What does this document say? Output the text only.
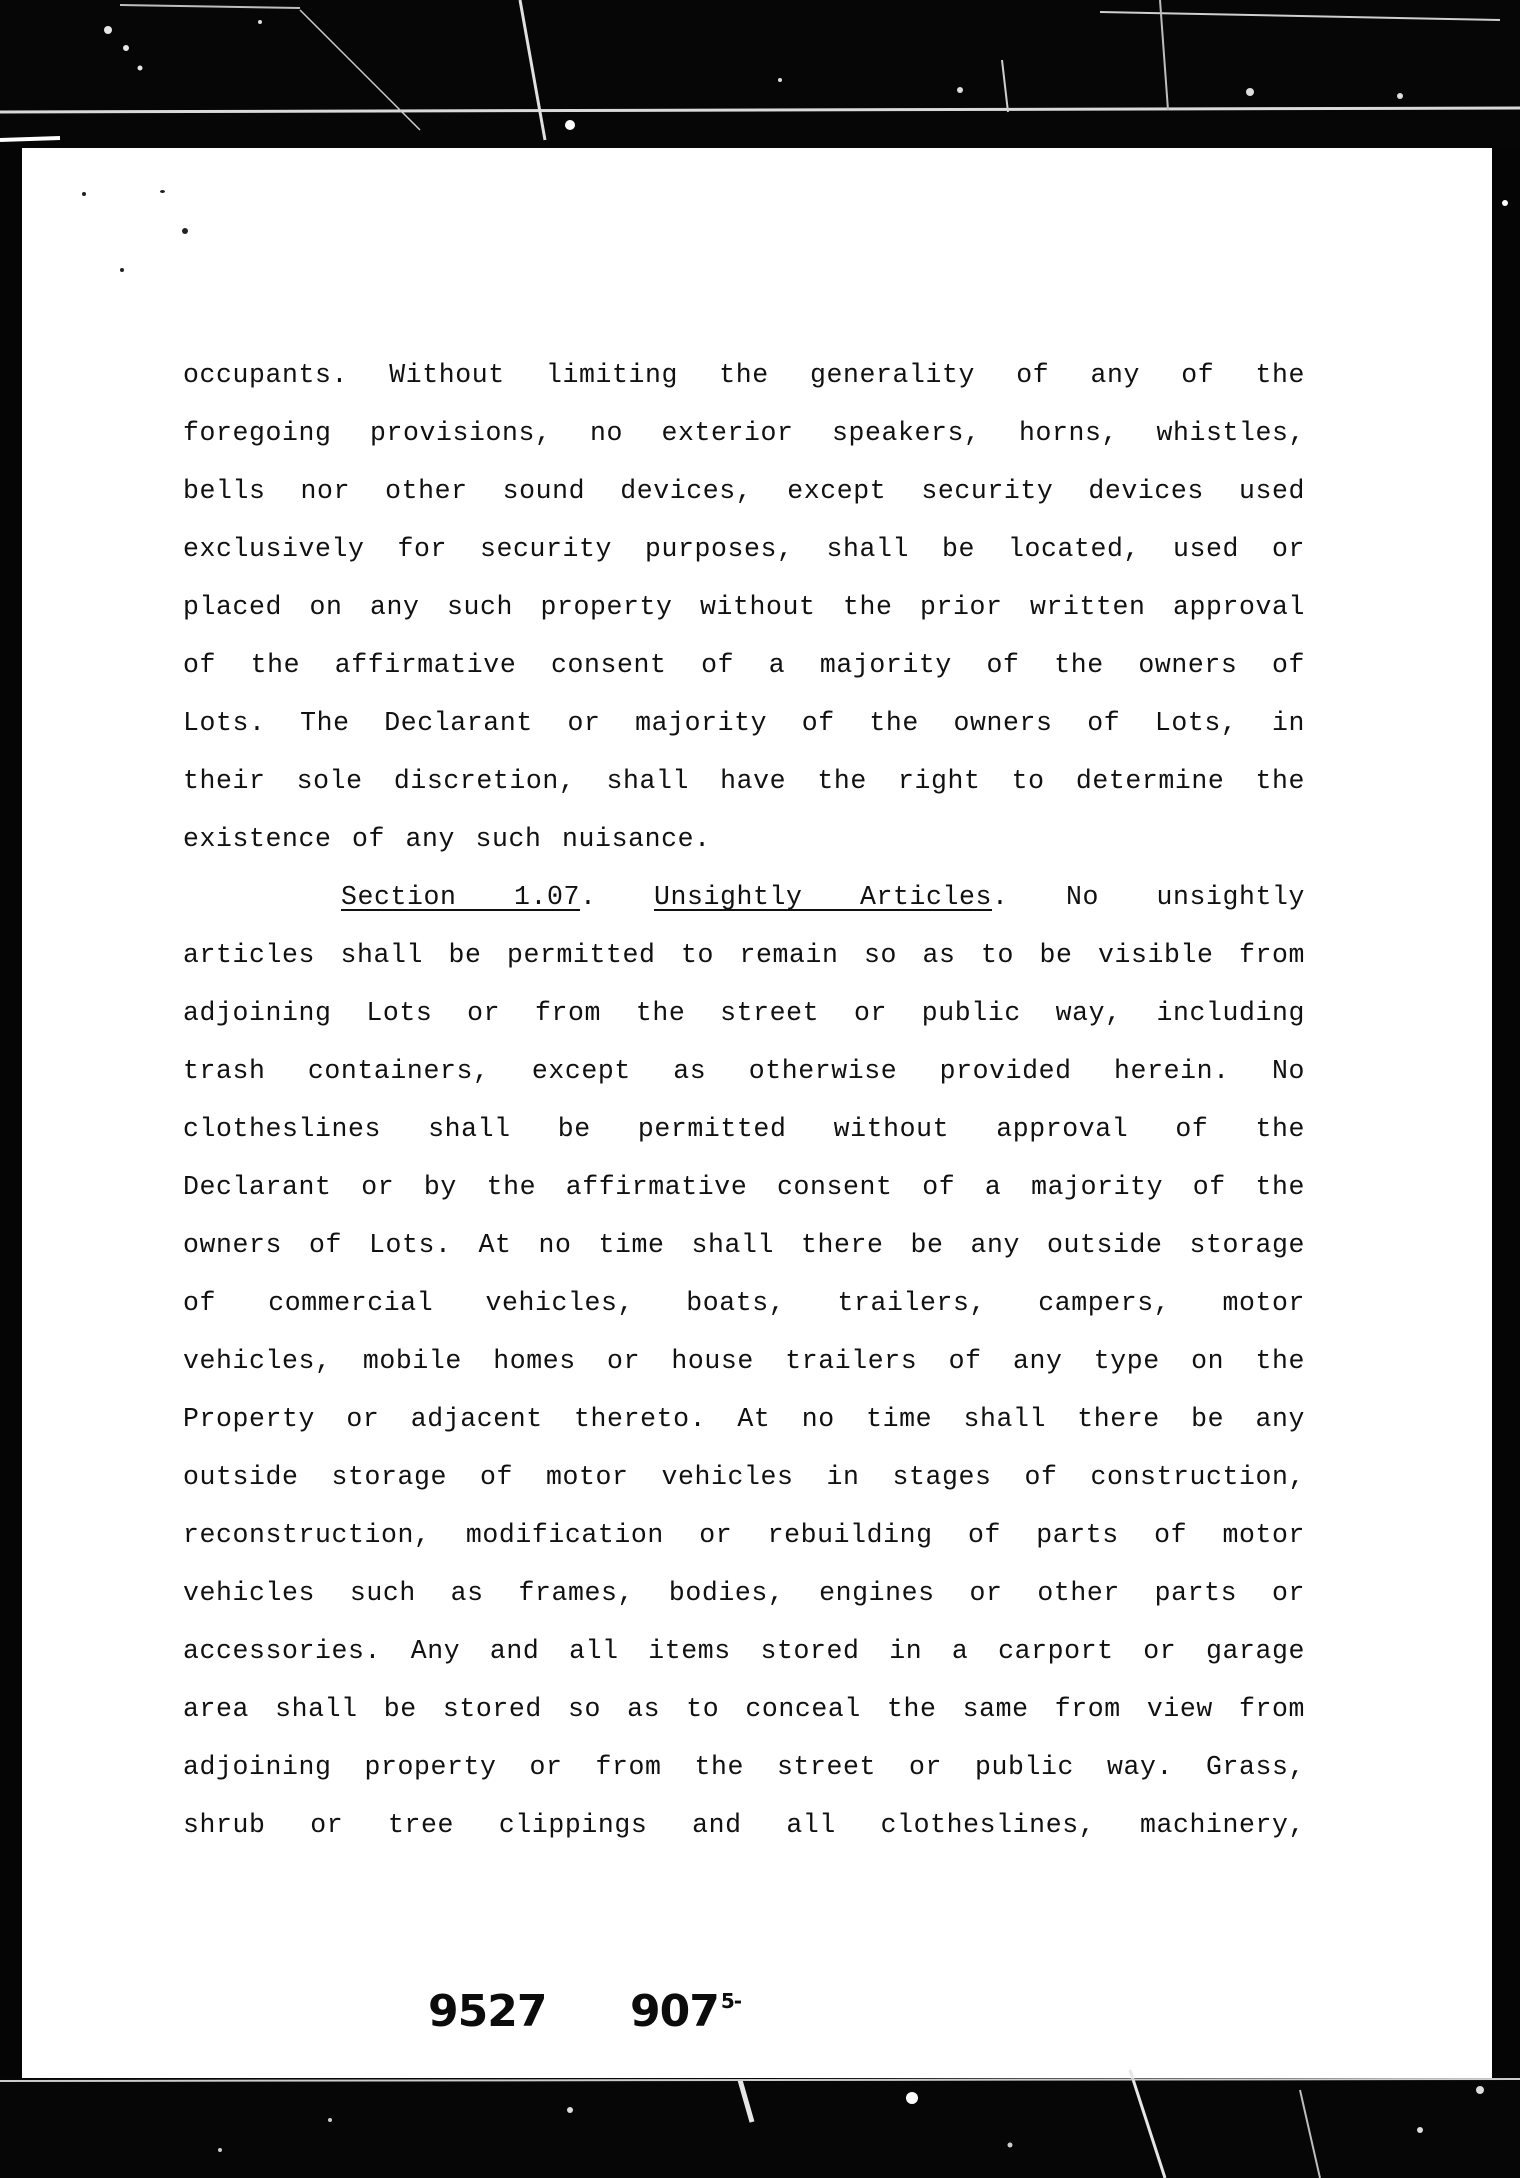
occupants. Without limiting the generality of any of the
foregoing provisions, no exterior speakers, horns, whistles,
bells nor other sound devices, except security devices used
exclusively for security purposes, shall be located, used or
placed on any such property without the prior written approval
of the affirmative consent of a majority of the owners of
Lots. The Declarant or majority of the owners of Lots, in
their sole discretion, shall have the right to determine the
existence of any such nuisance.
Section 1.07. Unsightly Articles. No unsightly
articles shall be permitted to remain so as to be visible from
adjoining Lots or from the street or public way, including
trash containers, except as otherwise provided herein. No
clotheslines shall be permitted without approval of the
Declarant or by the affirmative consent of a majority of the
owners of Lots. At no time shall there be any outside storage
of commercial vehicles, boats, trailers, campers, motor
vehicles, mobile homes or house trailers of any type on the
Property or adjacent thereto. At no time shall there be any
outside storage of motor vehicles in stages of construction,
reconstruction, modification or rebuilding of parts of motor
vehicles such as frames, bodies, engines or other parts or
accessories. Any and all items stored in a carport or garage
area shall be stored so as to conceal the same from view from
adjoining property or from the street or public way. Grass,
shrub or tree clippings and all clotheslines, machinery,
9527 907 $^{5-}$
